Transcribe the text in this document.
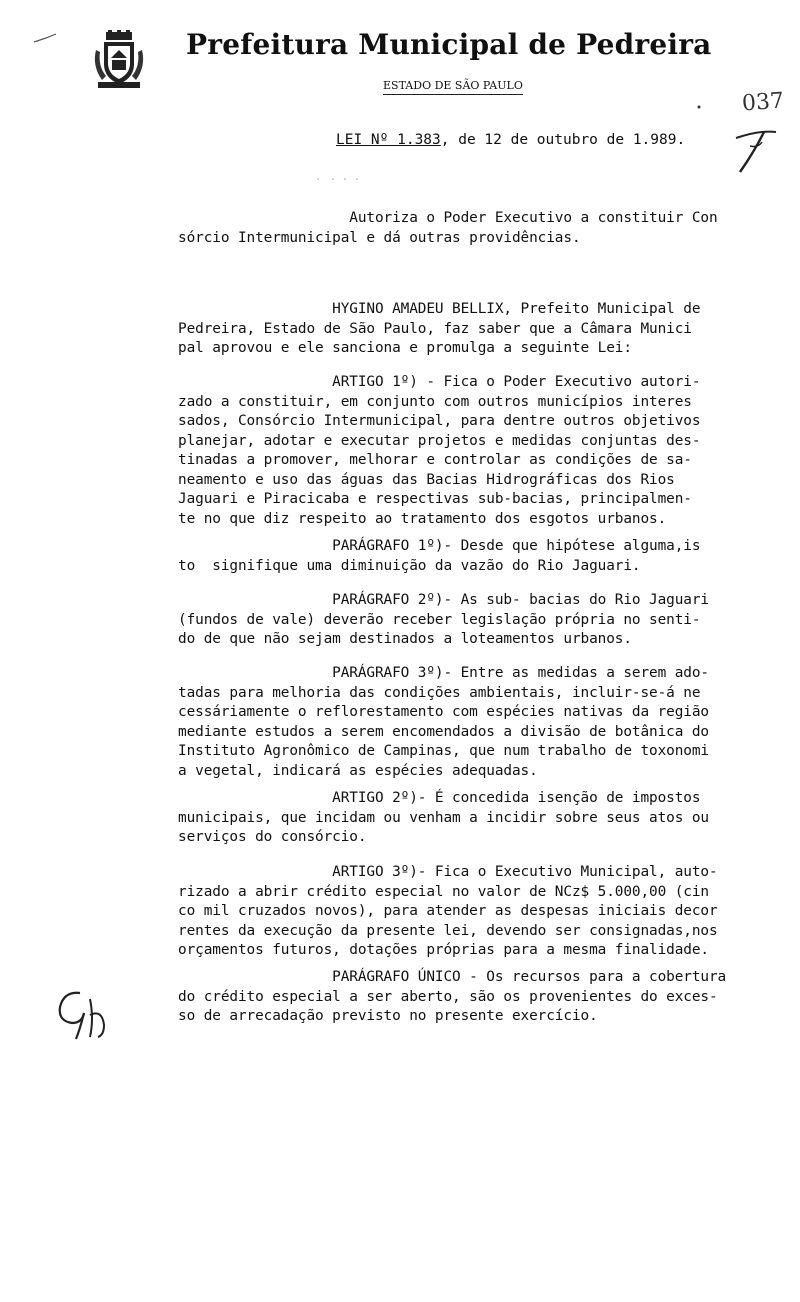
Prefeitura Municipal de Pedreira
ESTADO DE SÃO PAULO
037
LEI Nº 1.383, de 12 de outubro de 1.989.
Autoriza o Poder Executivo a constituir Con
sórcio Intermunicipal e dá outras providências.
HYGINO AMADEU BELLIX, Prefeito Municipal de
Pedreira, Estado de São Paulo, faz saber que a Câmara Munici
pal aprovou e ele sanciona e promulga a seguinte Lei:
ARTIGO 1º) - Fica o Poder Executivo autori-
zado a constituir, em conjunto com outros municípios interes
sados, Consórcio Intermunicipal, para dentre outros objetivos
planejar, adotar e executar projetos e medidas conjuntas des-
tinadas a promover, melhorar e controlar as condições de sa-
neamento e uso das águas das Bacias Hidrográficas dos Rios
Jaguari e Piracicaba e respectivas sub-bacias, principalmen-
te no que diz respeito ao tratamento dos esgotos urbanos.
PARÁGRAFO 1º)- Desde que hipótese alguma,is
to  signifique uma diminuição da vazão do Rio Jaguari.
PARÁGRAFO 2º)- As sub- bacias do Rio Jaguari
(fundos de vale) deverão receber legislação própria no senti-
do de que não sejam destinados a loteamentos urbanos.
PARÁGRAFO 3º)- Entre as medidas a serem ado-
tadas para melhoria das condições ambientais, incluir-se-á ne
cessáriamente o reflorestamento com espécies nativas da região
mediante estudos a serem encomendados a divisão de botânica do
Instituto Agronômico de Campinas, que num trabalho de toxonomi
a vegetal, indicará as espécies adequadas.
ARTIGO 2º)- É concedida isenção de impostos
municipais, que incidam ou venham a incidir sobre seus atos ou
serviços do consórcio.
ARTIGO 3º)- Fica o Executivo Municipal, auto-
rizado a abrir crédito especial no valor de NCz$ 5.000,00 (cin
co mil cruzados novos), para atender as despesas iniciais decor
rentes da execução da presente lei, devendo ser consignadas,nos
orçamentos futuros, dotações próprias para a mesma finalidade.
PARÁGRAFO ÚNICO - Os recursos para a cobertura
do crédito especial a ser aberto, são os provenientes do exces-
so de arrecadação previsto no presente exercício.
